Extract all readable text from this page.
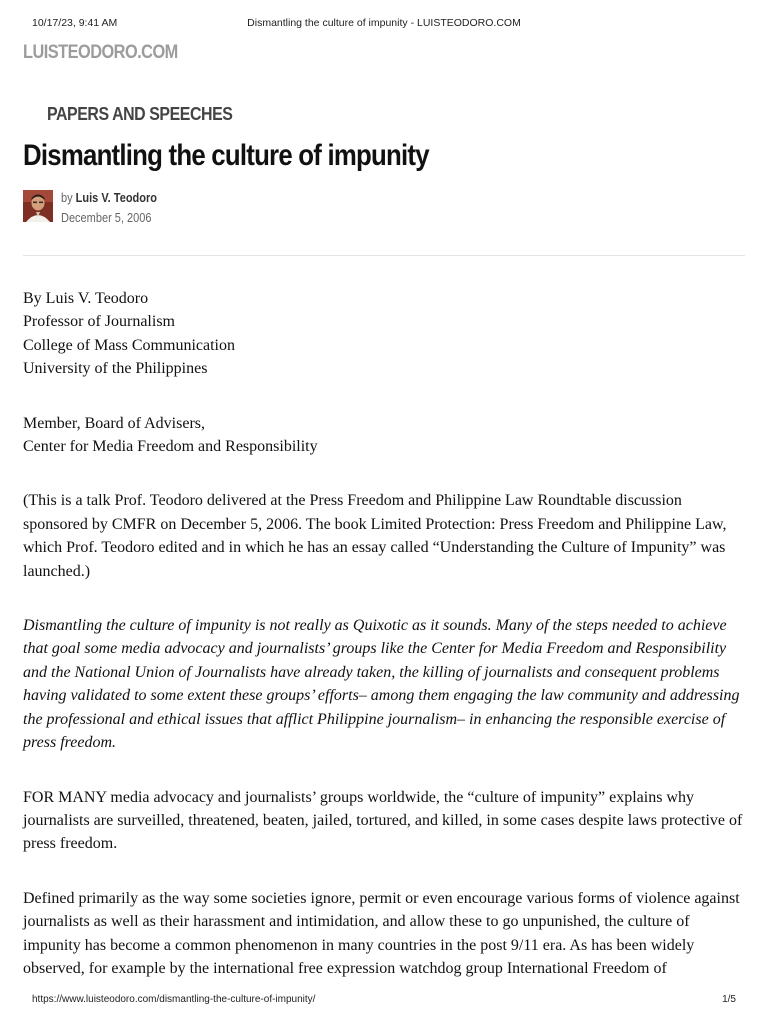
10/17/23, 9:41 AM	Dismantling the culture of impunity - LUISTEODORO.COM
LUISTEODORO.COM
PAPERS AND SPEECHES
Dismantling the culture of impunity
by Luis V. Teodoro
December 5, 2006

By Luis V. Teodoro
Professor of Journalism
College of Mass Communication
University of the Philippines

Member, Board of Advisers,
Center for Media Freedom and Responsibility

(This is a talk Prof. Teodoro delivered at the Press Freedom and Philippine Law Roundtable discussion sponsored by CMFR on December 5, 2006. The book Limited Protection: Press Freedom and Philippine Law, which Prof. Teodoro edited and in which he has an essay called “Understanding the Culture of Impunity” was launched.)

Dismantling the culture of impunity is not really as Quixotic as it sounds. Many of the steps needed to achieve that goal some media advocacy and journalists’ groups like the Center for Media Freedom and Responsibility and the National Union of Journalists have already taken, the killing of journalists and consequent problems having validated to some extent these groups’ efforts– among them engaging the law community and addressing the professional and ethical issues that afflict Philippine journalism– in enhancing the responsible exercise of press freedom.

FOR MANY media advocacy and journalists’ groups worldwide, the “culture of impunity” explains why journalists are surveilled, threatened, beaten, jailed, tortured, and killed, in some cases despite laws protective of press freedom.

Defined primarily as the way some societies ignore, permit or even encourage various forms of violence against journalists as well as their harassment and intimidation, and allow these to go unpunished, the culture of impunity has become a common phenomenon in many countries in the post 9/11 era. As has been widely observed, for example by the international free expression watchdog group International Freedom of

https://www.luisteodoro.com/dismantling-the-culture-of-impunity/	1/5
